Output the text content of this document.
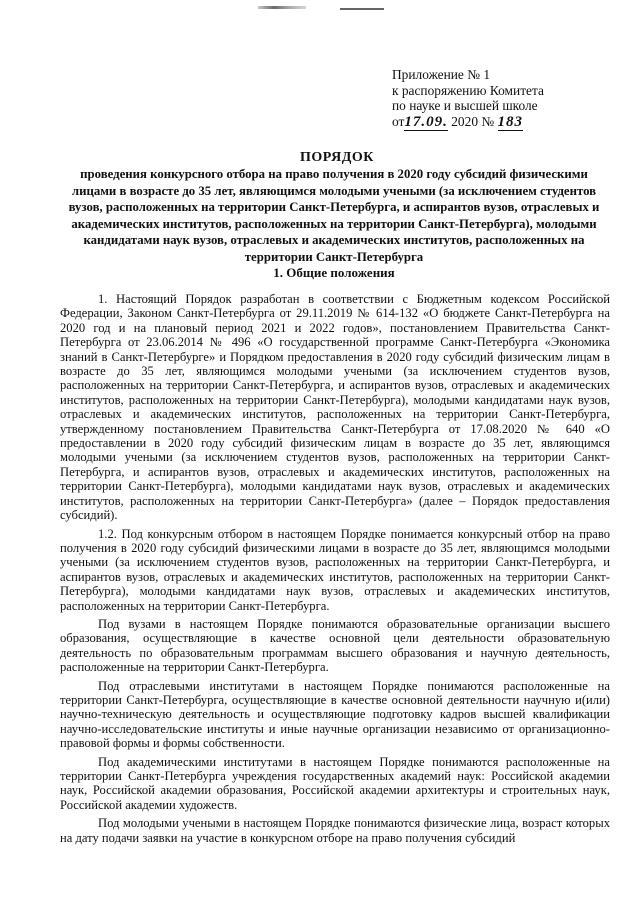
Приложение № 1
к распоряжению Комитета
по науке и высшей школе
от17.09. 2020 № 183
ПОРЯДОК
проведения конкурсного отбора на право получения в 2020 году субсидий физическими лицами в возрасте до 35 лет, являющимся молодыми учеными (за исключением студентов вузов, расположенных на территории Санкт-Петербурга, и аспирантов вузов, отраслевых и академических институтов, расположенных на территории Санкт-Петербурга), молодыми кандидатами наук вузов, отраслевых и академических институтов, расположенных на территории Санкт-Петербурга
1. Общие положения

1. Настоящий Порядок разработан в соответствии с Бюджетным кодексом Российской Федерации, Законом Санкт-Петербурга от 29.11.2019 № 614-132 «О бюджете Санкт-Петербурга на 2020 год и на плановый период 2021 и 2022 годов», постановлением Правительства Санкт-Петербурга от 23.06.2014 № 496 «О государственной программе Санкт-Петербурга «Экономика знаний в Санкт-Петербурге» и Порядком предоставления в 2020 году субсидий физическим лицам в возрасте до 35 лет, являющимся молодыми учеными (за исключением студентов вузов, расположенных на территории Санкт-Петербурга, и аспирантов вузов, отраслевых и академических институтов, расположенных на территории Санкт-Петербурга), молодыми кандидатами наук вузов, отраслевых и академических институтов, расположенных на территории Санкт-Петербурга, утвержденному постановлением Правительства Санкт-Петербурга от 17.08.2020 № 640 «О предоставлении в 2020 году субсидий физическим лицам в возрасте до 35 лет, являющимся молодыми учеными (за исключением студентов вузов, расположенных на территории Санкт-Петербурга, и аспирантов вузов, отраслевых и академических институтов, расположенных на территории Санкт-Петербурга), молодыми кандидатами наук вузов, отраслевых и академических институтов, расположенных на территории Санкт-Петербурга» (далее – Порядок предоставления субсидий).

1.2. Под конкурсным отбором в настоящем Порядке понимается конкурсный отбор на право получения в 2020 году субсидий физическими лицами в возрасте до 35 лет, являющимся молодыми учеными (за исключением студентов вузов, расположенных на территории Санкт-Петербурга, и аспирантов вузов, отраслевых и академических институтов, расположенных на территории Санкт-Петербурга), молодыми кандидатами наук вузов, отраслевых и академических институтов, расположенных на территории Санкт-Петербурга.

Под вузами в настоящем Порядке понимаются образовательные организации высшего образования, осуществляющие в качестве основной цели деятельности образовательную деятельность по образовательным программам высшего образования и научную деятельность, расположенные на территории Санкт-Петербурга.

Под отраслевыми институтами в настоящем Порядке понимаются расположенные на территории Санкт-Петербурга, осуществляющие в качестве основной деятельности научную и(или) научно-техническую деятельность и осуществляющие подготовку кадров высшей квалификации научно-исследовательские институты и иные научные организации независимо от организационно-правовой формы и формы собственности.

Под академическими институтами в настоящем Порядке понимаются расположенные на территории Санкт-Петербурга учреждения государственных академий наук: Российской академии наук, Российской академии образования, Российской академии архитектуры и строительных наук, Российской академии художеств.

Под молодыми учеными в настоящем Порядке понимаются физические лица, возраст которых на дату подачи заявки на участие в конкурсном отборе на право получения субсидий
